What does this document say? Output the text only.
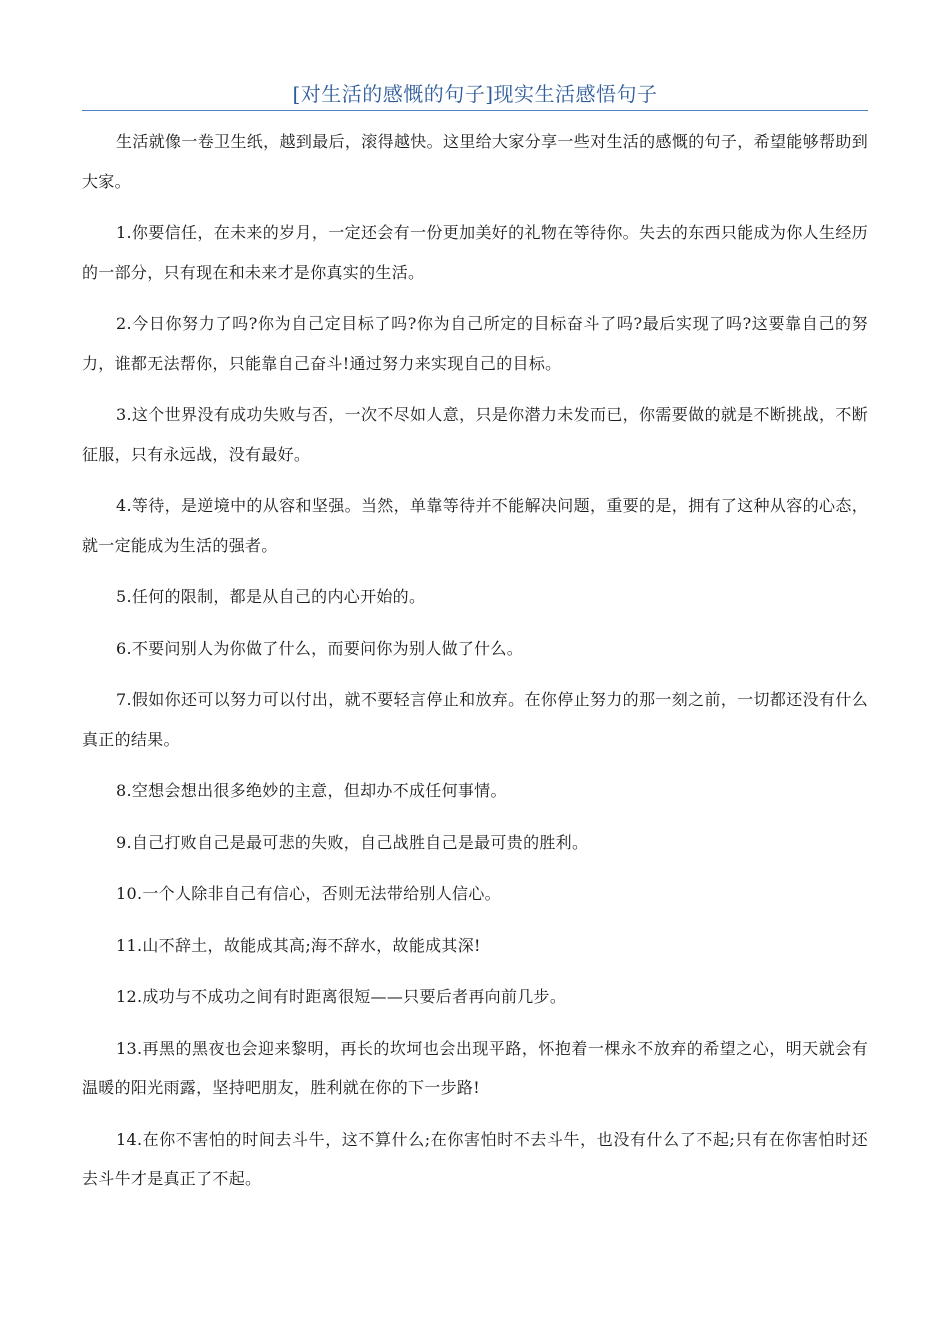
[对生活的感慨的句子]现实生活感悟句子

生活就像一卷卫生纸，越到最后，滚得越快。这里给大家分享一些对生活的感慨的句子，希望能够帮助到大家。

1.你要信任，在未来的岁月，一定还会有一份更加美好的礼物在等待你。失去的东西只能成为你人生经历的一部分，只有现在和未来才是你真实的生活。

2.今日你努力了吗?你为自己定目标了吗?你为自己所定的目标奋斗了吗?最后实现了吗?这要靠自己的努力，谁都无法帮你，只能靠自己奋斗!通过努力来实现自己的目标。

3.这个世界没有成功失败与否，一次不尽如人意，只是你潜力未发而已，你需要做的就是不断挑战，不断征服，只有永远战，没有最好。

4.等待，是逆境中的从容和坚强。当然，单靠等待并不能解决问题，重要的是，拥有了这种从容的心态，就一定能成为生活的强者。

5.任何的限制，都是从自己的内心开始的。

6.不要问别人为你做了什么，而要问你为别人做了什么。

7.假如你还可以努力可以付出，就不要轻言停止和放弃。在你停止努力的那一刻之前，一切都还没有什么真正的结果。

8.空想会想出很多绝妙的主意，但却办不成任何事情。

9.自己打败自己是最可悲的失败，自己战胜自己是最可贵的胜利。

10.一个人除非自己有信心，否则无法带给别人信心。

11.山不辞土，故能成其高;海不辞水，故能成其深!

12.成功与不成功之间有时距离很短——只要后者再向前几步。

13.再黑的黑夜也会迎来黎明，再长的坎坷也会出现平路，怀抱着一棵永不放弃的希望之心，明天就会有温暖的阳光雨露，坚持吧朋友，胜利就在你的下一步路!

14.在你不害怕的时间去斗牛，这不算什么;在你害怕时不去斗牛，也没有什么了不起;只有在你害怕时还去斗牛才是真正了不起。
